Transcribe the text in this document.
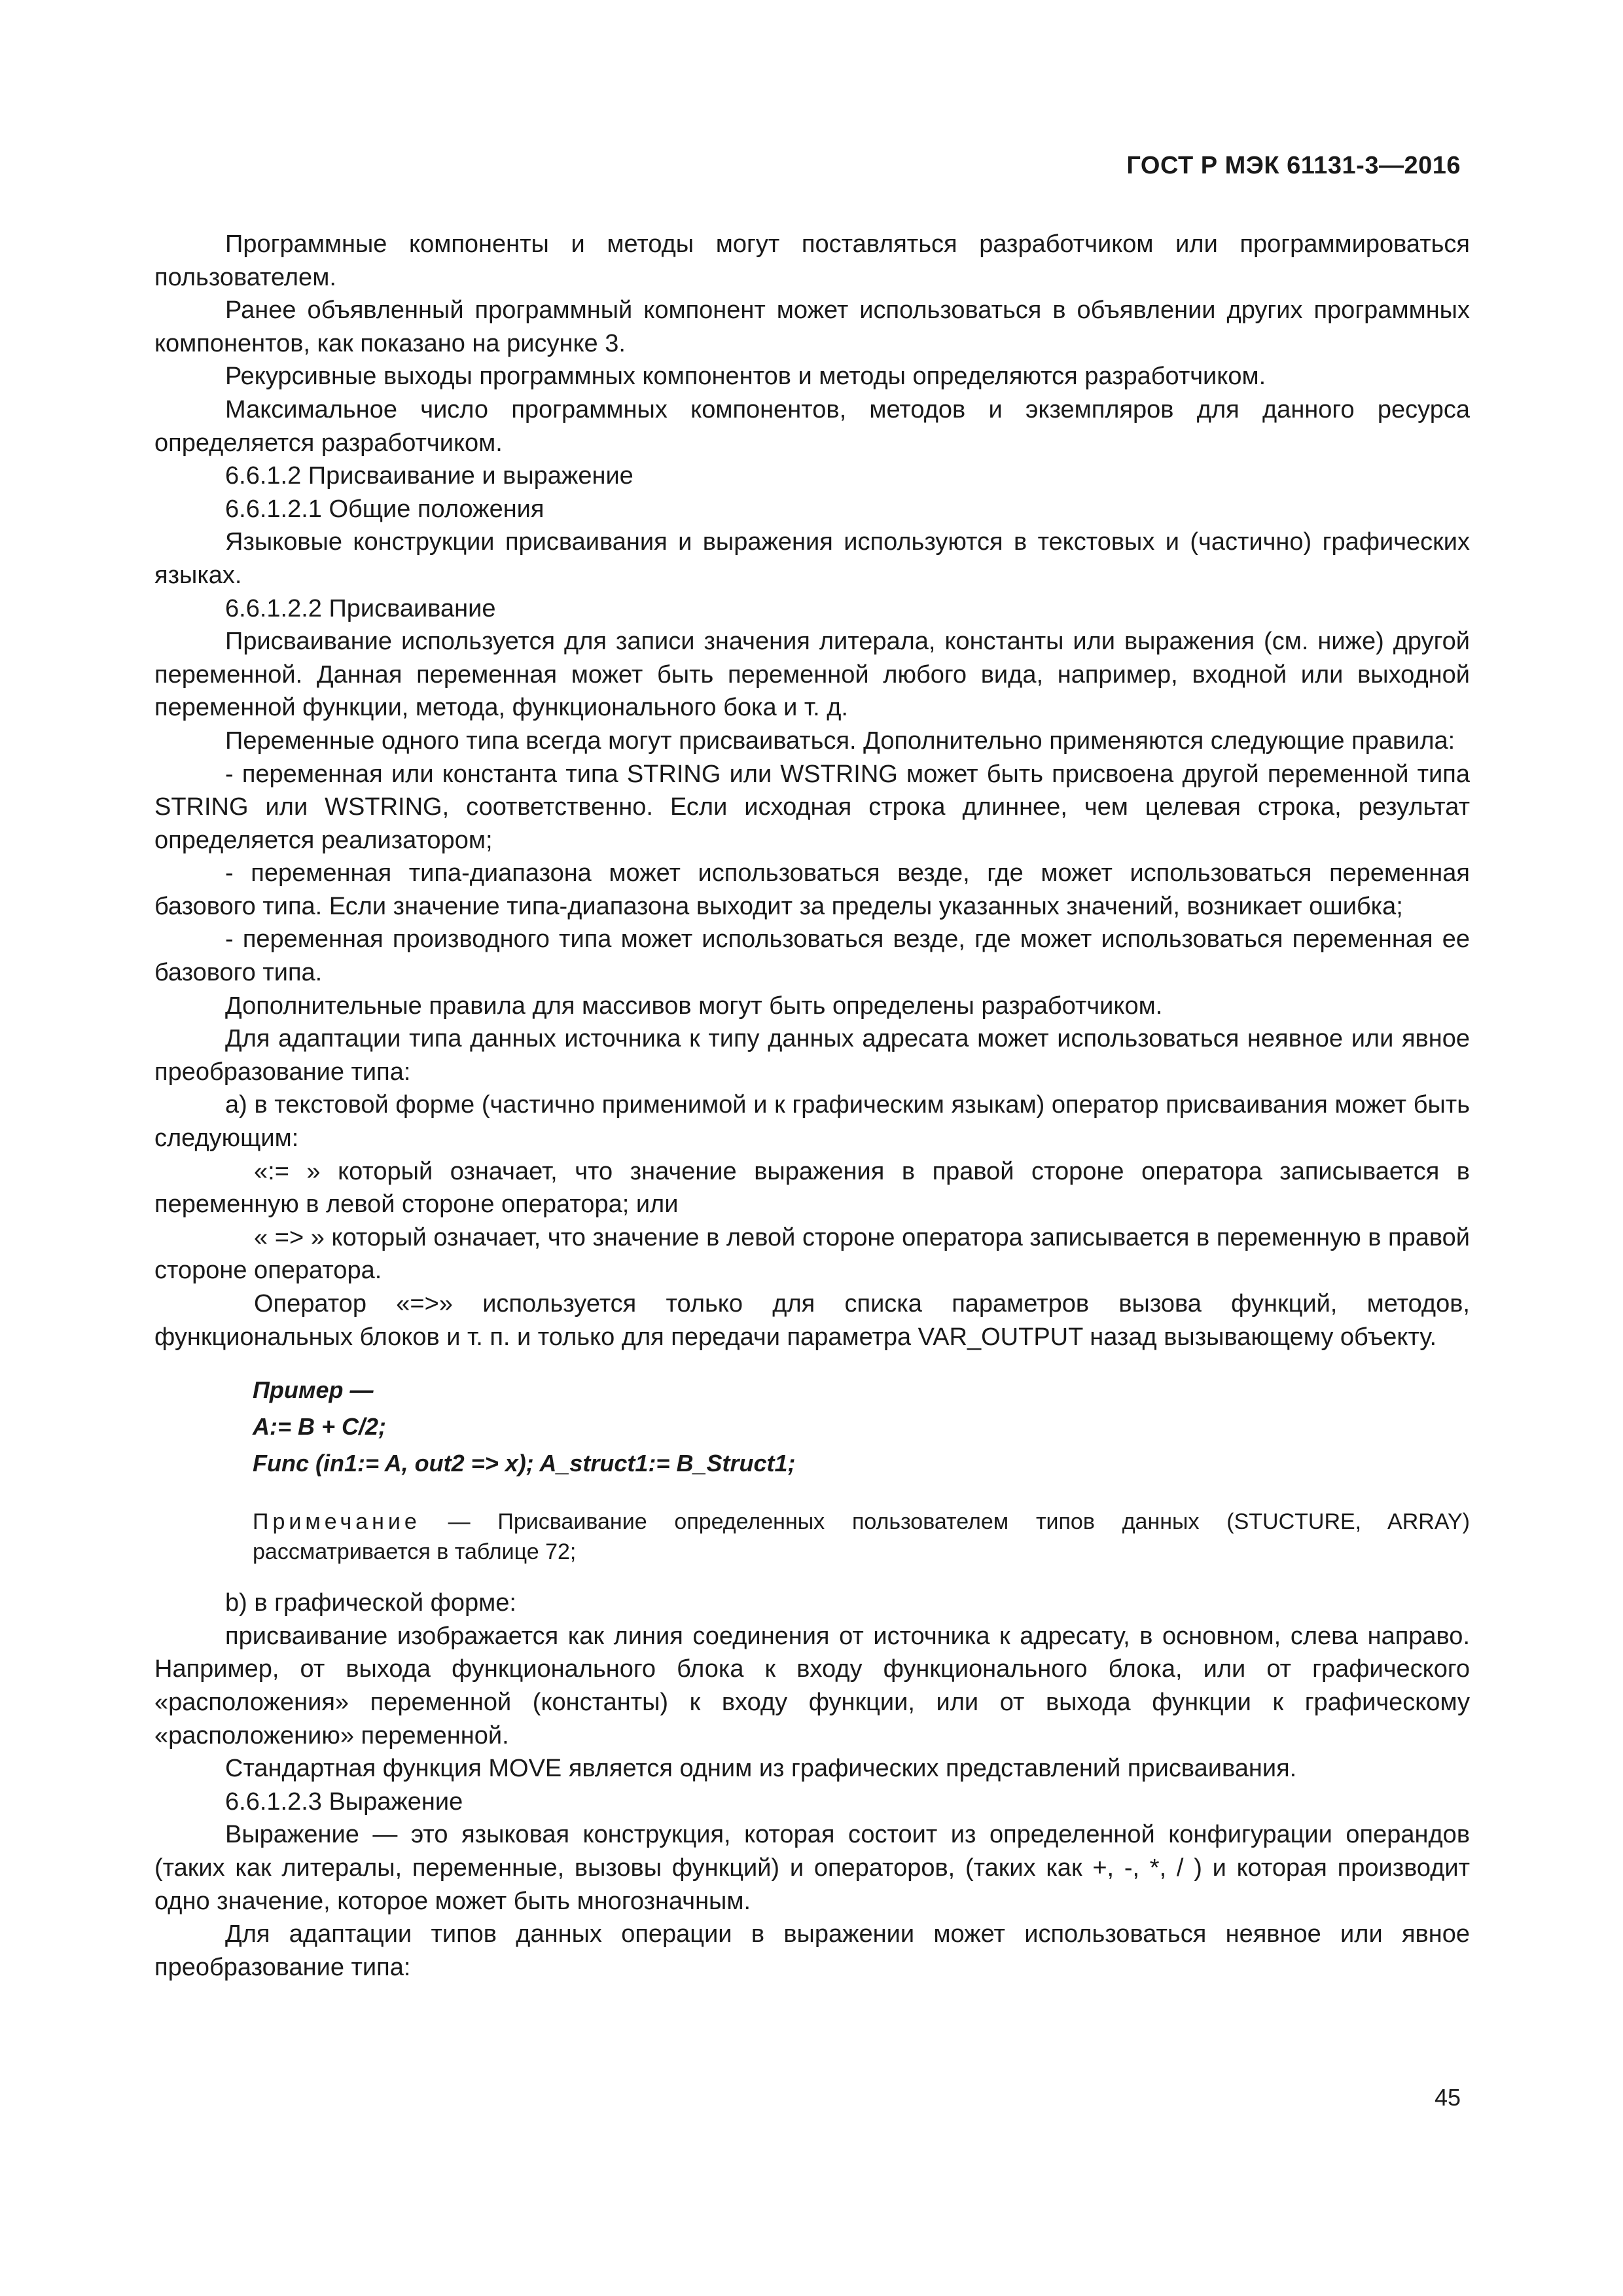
ГОСТ Р МЭК 61131-3—2016

Программные компоненты и методы могут поставляться разработчиком или программироваться пользователем.

Ранее объявленный программный компонент может использоваться в объявлении других программных компонентов, как показано на рисунке 3.

Рекурсивные выходы программных компонентов и методы определяются разработчиком.

Максимальное число программных компонентов, методов и экземпляров для данного ресурса определяется разработчиком.

6.6.1.2 Присваивание и выражение

6.6.1.2.1 Общие положения

Языковые конструкции присваивания и выражения используются в текстовых и (частично) графических языках.

6.6.1.2.2 Присваивание

Присваивание используется для записи значения литерала, константы или выражения (см. ниже) другой переменной. Данная переменная может быть переменной любого вида, например, входной или выходной переменной функции, метода, функционального бока и т. д.

Переменные одного типа всегда могут присваиваться. Дополнительно применяются следующие правила:

- переменная или константа типа STRING или WSTRING может быть присвоена другой переменной типа STRING или WSTRING, соответственно. Если исходная строка длиннее, чем целевая строка, результат определяется реализатором;

- переменная типа-диапазона может использоваться везде, где может использоваться переменная базового типа. Если значение типа-диапазона выходит за пределы указанных значений, возникает ошибка;

- переменная производного типа может использоваться везде, где может использоваться переменная ее базового типа.

Дополнительные правила для массивов могут быть определены разработчиком.

Для адаптации типа данных источника к типу данных адресата может использоваться неявное или явное преобразование типа:

a) в текстовой форме (частично применимой и к графическим языкам) оператор присваивания может быть следующим:

«:= » который означает, что значение выражения в правой стороне оператора записывается в переменную в левой стороне оператора; или

« => » который означает, что значение в левой стороне оператора записывается в переменную в правой стороне оператора.

Оператор «=>» используется только для списка параметров вызова функций, методов, функциональных блоков и т. п. и только для передачи параметра VAR_OUTPUT назад вызывающему объекту.

Пример —
A:= B + C/2;
Func (in1:= A, out2 => x); A_struct1:= B_Struct1;
Примечание — Присваивание определенных пользователем типов данных (STUCTURE, ARRAY) рассматривается в таблице 72;

b) в графической форме:

присваивание изображается как линия соединения от источника к адресату, в основном, слева направо. Например, от выхода функционального блока к входу функционального блока, или от графического «расположения» переменной (константы) к входу функции, или от выхода функции к графическому «расположению» переменной.

Стандартная функция MOVE является одним из графических представлений присваивания.

6.6.1.2.3 Выражение

Выражение — это языковая конструкция, которая состоит из определенной конфигурации операндов (таких как литералы, переменные, вызовы функций) и операторов, (таких как +, -, *, / ) и которая производит одно значение, которое может быть многозначным.

Для адаптации типов данных операции в выражении может использоваться неявное или явное преобразование типа:

45
